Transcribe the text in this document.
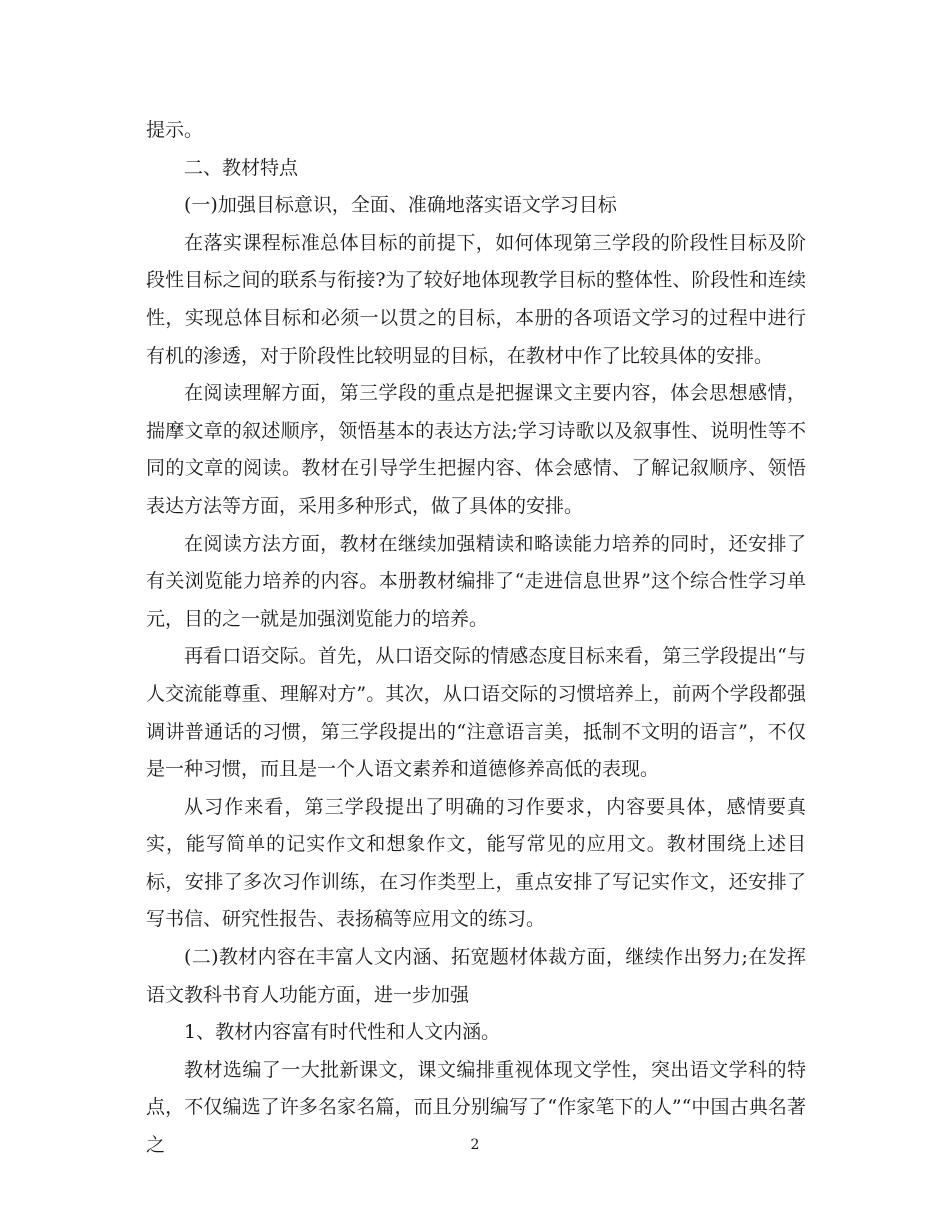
提示。

二、教材特点

(一)加强目标意识，全面、准确地落实语文学习目标

在落实课程标准总体目标的前提下，如何体现第三学段的阶段性目标及阶段性目标之间的联系与衔接?为了较好地体现教学目标的整体性、阶段性和连续性，实现总体目标和必须一以贯之的目标，本册的各项语文学习的过程中进行有机的渗透，对于阶段性比较明显的目标，在教材中作了比较具体的安排。

在阅读理解方面，第三学段的重点是把握课文主要内容，体会思想感情，揣摩文章的叙述顺序，领悟基本的表达方法;学习诗歌以及叙事性、说明性等不同的文章的阅读。教材在引导学生把握内容、体会感情、了解记叙顺序、领悟表达方法等方面，采用多种形式，做了具体的安排。

在阅读方法方面，教材在继续加强精读和略读能力培养的同时，还安排了有关浏览能力培养的内容。本册教材编排了“走进信息世界”这个综合性学习单元，目的之一就是加强浏览能力的培养。

再看口语交际。首先，从口语交际的情感态度目标来看，第三学段提出“与人交流能尊重、理解对方”。其次，从口语交际的习惯培养上，前两个学段都强调讲普通话的习惯，第三学段提出的“注意语言美，抵制不文明的语言”，不仅是一种习惯，而且是一个人语文素养和道德修养高低的表现。

从习作来看，第三学段提出了明确的习作要求，内容要具体，感情要真实，能写简单的记实作文和想象作文，能写常见的应用文。教材围绕上述目标，安排了多次习作训练，在习作类型上，重点安排了写记实作文，还安排了写书信、研究性报告、表扬稿等应用文的练习。

(二)教材内容在丰富人文内涵、拓宽题材体裁方面，继续作出努力;在发挥语文教科书育人功能方面，进一步加强

1、教材内容富有时代性和人文内涵。

教材选编了一大批新课文，课文编排重视体现文学性，突出语文学科的特点，不仅编选了许多名家名篇，而且分别编写了“作家笔下的人”“中国古典名著之	2
